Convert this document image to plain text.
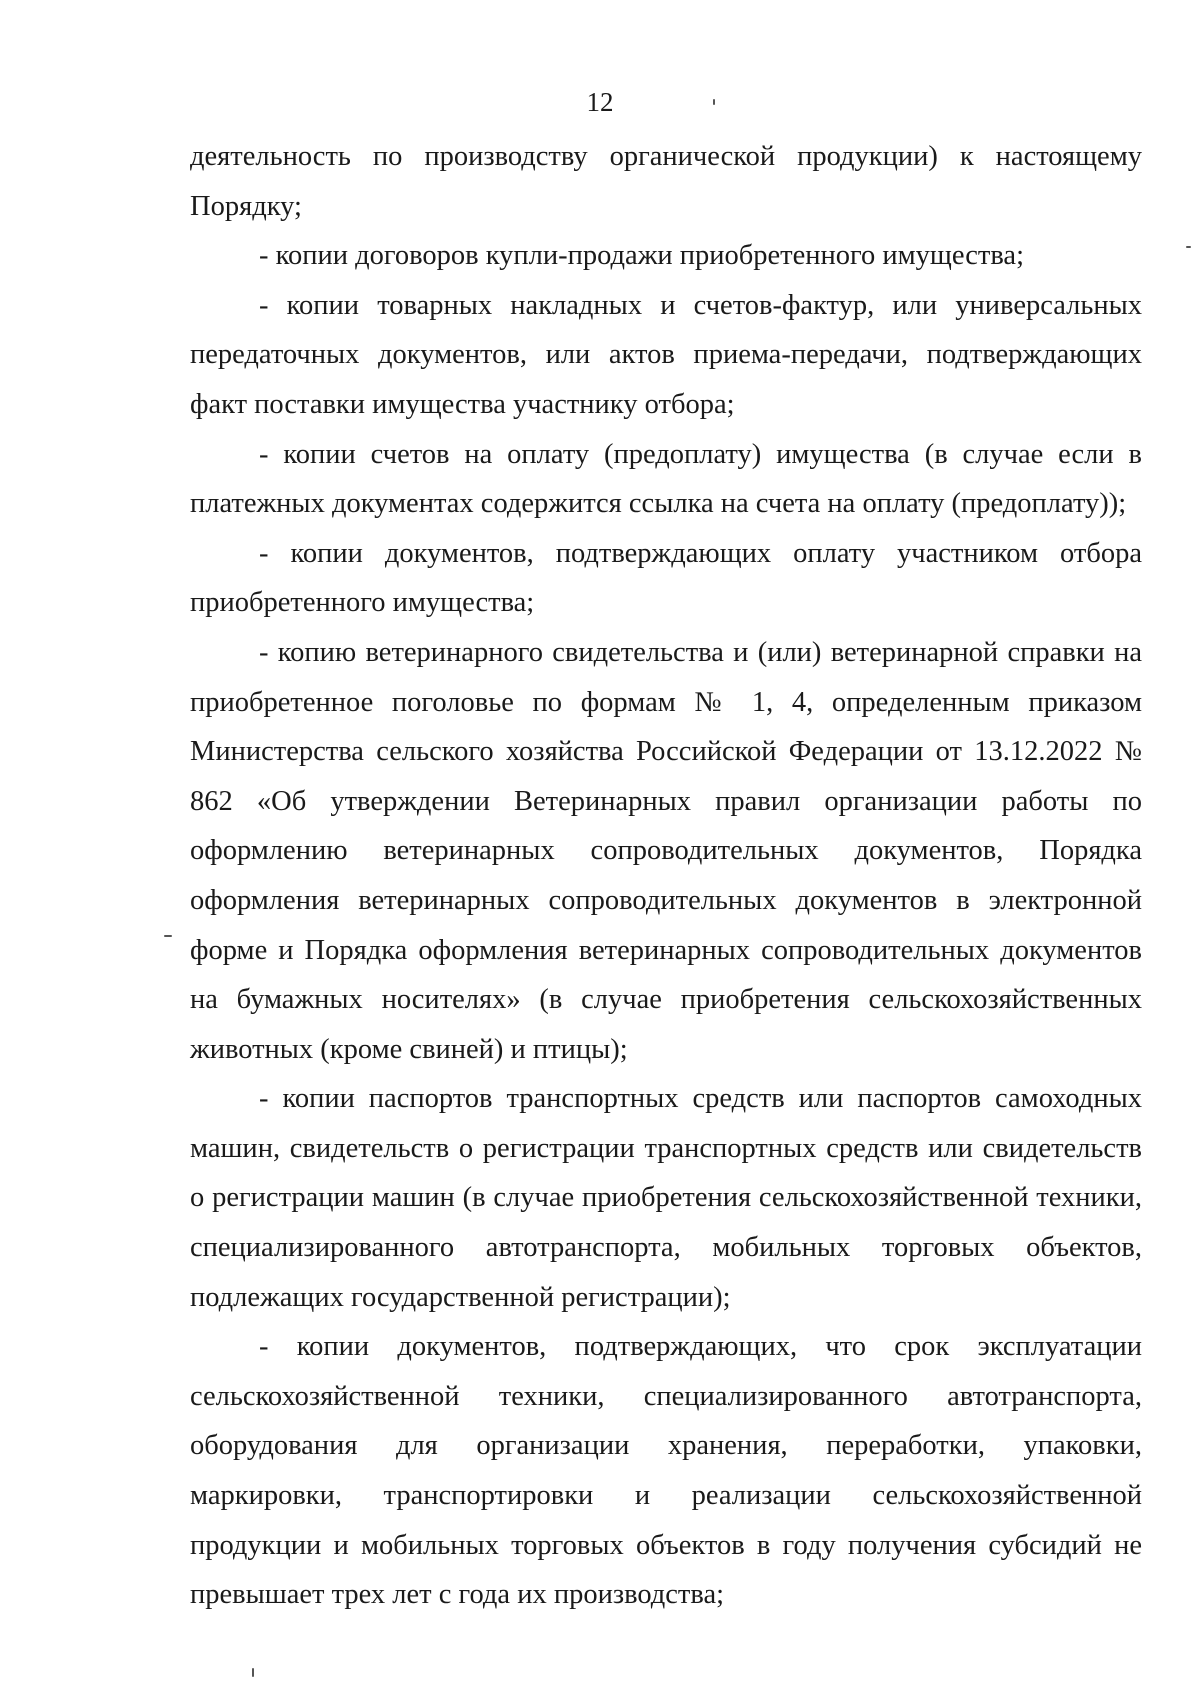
12

деятельность по производству органической продукции) к настоящему Порядку;

- копии договоров купли-продажи приобретенного имущества;

- копии товарных накладных и счетов-фактур, или универсальных передаточных документов, или актов приема-передачи, подтверждающих факт поставки имущества участнику отбора;

- копии счетов на оплату (предоплату) имущества (в случае если в платежных документах содержится ссылка на счета на оплату (предоплату));

- копии документов, подтверждающих оплату участником отбора приобретенного имущества;

- копию ветеринарного свидетельства и (или) ветеринарной справки на приобретенное поголовье по формам № 1, 4, определенным приказом Министерства сельского хозяйства Российской Федерации от 13.12.2022 № 862 «Об утверждении Ветеринарных правил организации работы по оформлению ветеринарных сопроводительных документов, Порядка оформления ветеринарных сопроводительных документов в электронной форме и Порядка оформления ветеринарных сопроводительных документов на бумажных носителях» (в случае приобретения сельскохозяйственных животных (кроме свиней) и птицы);

- копии паспортов транспортных средств или паспортов самоходных машин, свидетельств о регистрации транспортных средств или свидетельств о регистрации машин (в случае приобретения сельскохозяйственной техники, специализированного автотранспорта, мобильных торговых объектов, подлежащих государственной регистрации);

- копии документов, подтверждающих, что срок эксплуатации сельскохозяйственной техники, специализированного автотранспорта, оборудования для организации хранения, переработки, упаковки, маркировки, транспортировки и реализации сельскохозяйственной продукции и мобильных торговых объектов в году получения субсидий не превышает трех лет с года их производства;
